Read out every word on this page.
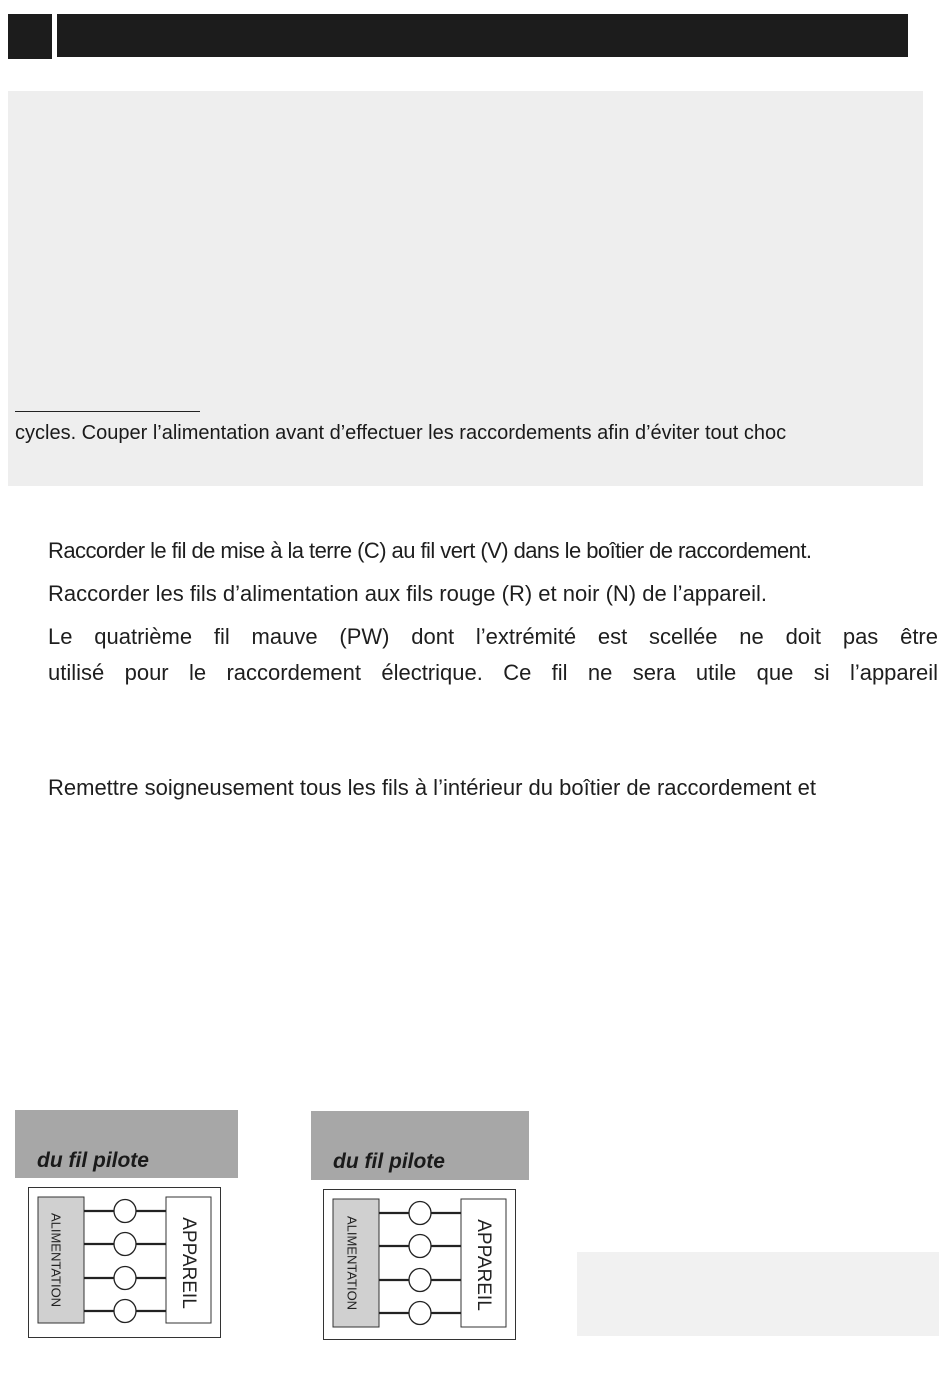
cycles. Couper l’alimentation avant d’effectuer les raccordements afin d’éviter tout choc
Raccorder le fil de mise à la terre (C) au fil vert (V) dans le boîtier de raccordement.
Raccorder les fils d’alimentation aux fils rouge (R) et noir (N) de l’appareil.
Le quatrième fil mauve (PW) dont l’extrémité est scellée ne doit pas être
utilisé pour le raccordement électrique. Ce fil ne sera utile que si l’appareil
Remettre soigneusement tous les fils à l’intérieur du boîtier de raccordement et
du fil pilote
ALIMENTATION	APPAREIL
du fil pilote
ALIMENTATION	APPAREIL
